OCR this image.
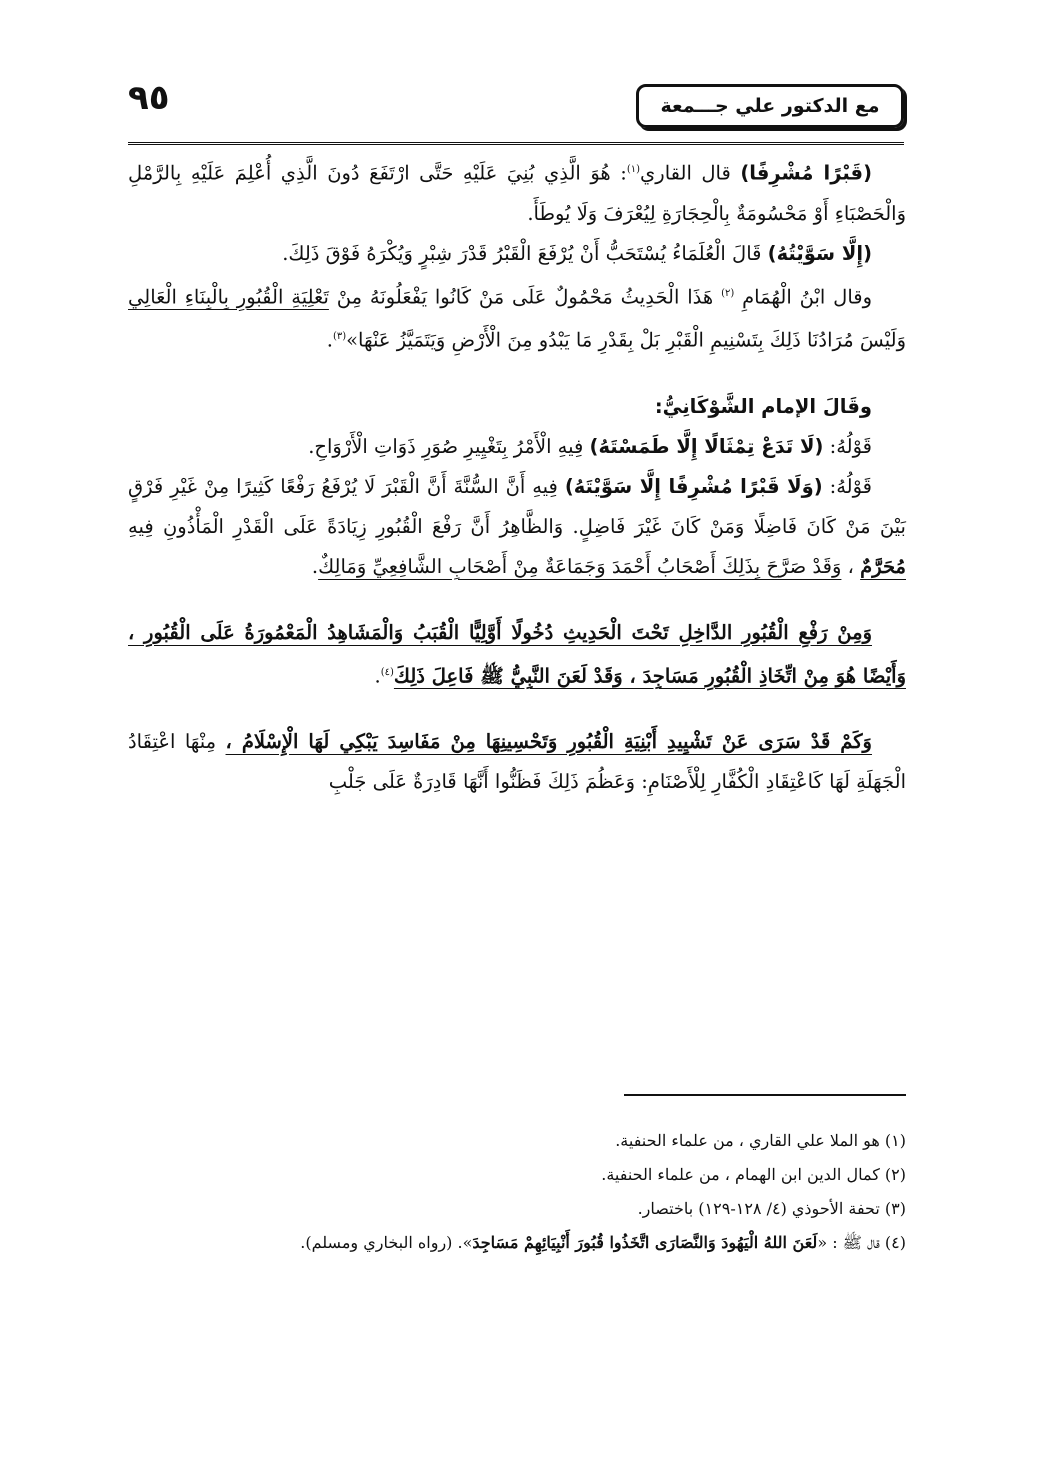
٩٥	مع الدكتور علي جـــمعة

(قَبْرًا مُشْرِفًا) قال القاري$^{(١)}$: هُوَ الَّذِي بُنِيَ عَلَيْهِ حَتَّى ارْتَفَعَ دُونَ الَّذِي أُعْلِمَ عَلَيْهِ بِالرَّمْلِ وَالْحَصْبَاءِ أَوْ مَحْسُومَةٌ بِالْحِجَارَةِ لِيُعْرَفَ وَلَا يُوطَأَ.

(إِلَّا سَوَّيْتُهُ) قَالَ الْعُلَمَاءُ يُسْتَحَبُّ أَنْ يُرْفَعَ الْقَبْرُ قَدْرَ شِبْرٍ وَيُكْرَهُ فَوْقَ ذَلِكَ.

وقال ابْنُ الْهُمَامِ $^{(٢)}$ هَذَا الْحَدِيثُ مَحْمُولٌ عَلَى مَنْ كَانُوا يَفْعَلُونَهُ مِنْ تَعْلِيَةِ الْقُبُورِ بِالْبِنَاءِ الْعَالِي وَلَيْسَ مُرَادُنَا ذَلِكَ بِتَسْنِيمِ الْقَبْرِ بَلْ بِقَدْرِ مَا يَبْدُو مِنَ الْأَرْضِ وَيَتَمَيَّزُ عَنْهَا»$^{(٣)}$.

وقَالَ الإمام الشَّوْكَانِيُّ:

قَوْلُهُ: (لَا تَدَعْ تِمْثَالًا إِلَّا طَمَسْتَهُ) فِيهِ الْأَمْرُ بِتَغْيِيرِ صُوَرِ ذَوَاتِ الْأَرْوَاحِ.

قَوْلُهُ: (وَلَا قَبْرًا مُشْرِفًا إِلَّا سَوَّيْتَهُ) فِيهِ أَنَّ السُّنَّةَ أَنَّ الْقَبْرَ لَا يُرْفَعُ رَفْعًا كَثِيرًا مِنْ غَيْرِ فَرْقٍ بَيْنَ مَنْ كَانَ فَاضِلًا وَمَنْ كَانَ غَيْرَ فَاضِلٍ. وَالظَّاهِرُ أَنَّ رَفْعَ الْقُبُورِ زِيَادَةً عَلَى الْقَدْرِ الْمَأْذُونِ فِيهِ مُحَرَّمٌ ، وَقَدْ صَرَّحَ بِذَلِكَ أَصْحَابُ أَحْمَدَ وَجَمَاعَةٌ مِنْ أَصْحَابِ الشَّافِعِيِّ وَمَالِكٌ.

وَمِنْ رَفْعِ الْقُبُورِ الدَّاخِلِ تَحْتَ الْحَدِيثِ دُخُولًا أَوَّلِيًّا الْقُبَبُ وَالْمَشَاهِدُ الْمَعْمُورَةُ عَلَى الْقُبُورِ ، وَأَيْضًا هُوَ مِنْ اتِّخَاذِ الْقُبُورِ مَسَاجِدَ ، وَقَدْ لَعَنَ النَّبِيُّ ﷺ فَاعِلَ ذَلِكَ$^{(٤)}$.

وَكَمْ قَدْ سَرَى عَنْ تَشْيِيدِ أَبْنِيَةِ الْقُبُورِ وَتَحْسِينِهَا مِنْ مَفَاسِدَ يَبْكِي لَهَا الْإِسْلَامُ ، مِنْهَا اعْتِقَادُ الْجَهَلَةِ لَهَا كَاعْتِقَادِ الْكُفَّارِ لِلْأَصْنَامِ: وَعَظُمَ ذَلِكَ فَظَنُّوا أَنَّهَا قَادِرَةٌ عَلَى جَلْبِ

(١) هو الملا علي القاري ، من علماء الحنفية.

(٢) كمال الدين ابن الهمام ، من علماء الحنفية.

(٣) تحفة الأحوذي (٤/ ١٢٨-١٢٩) باختصار.

(٤) قال ﷺ : «لَعَنَ اللهُ الْيَهُودَ وَالنَّصَارَى اتَّخَذُوا قُبُورَ أَنْبِيَائِهِمْ مَسَاجِدَ». (رواه البخاري ومسلم).
